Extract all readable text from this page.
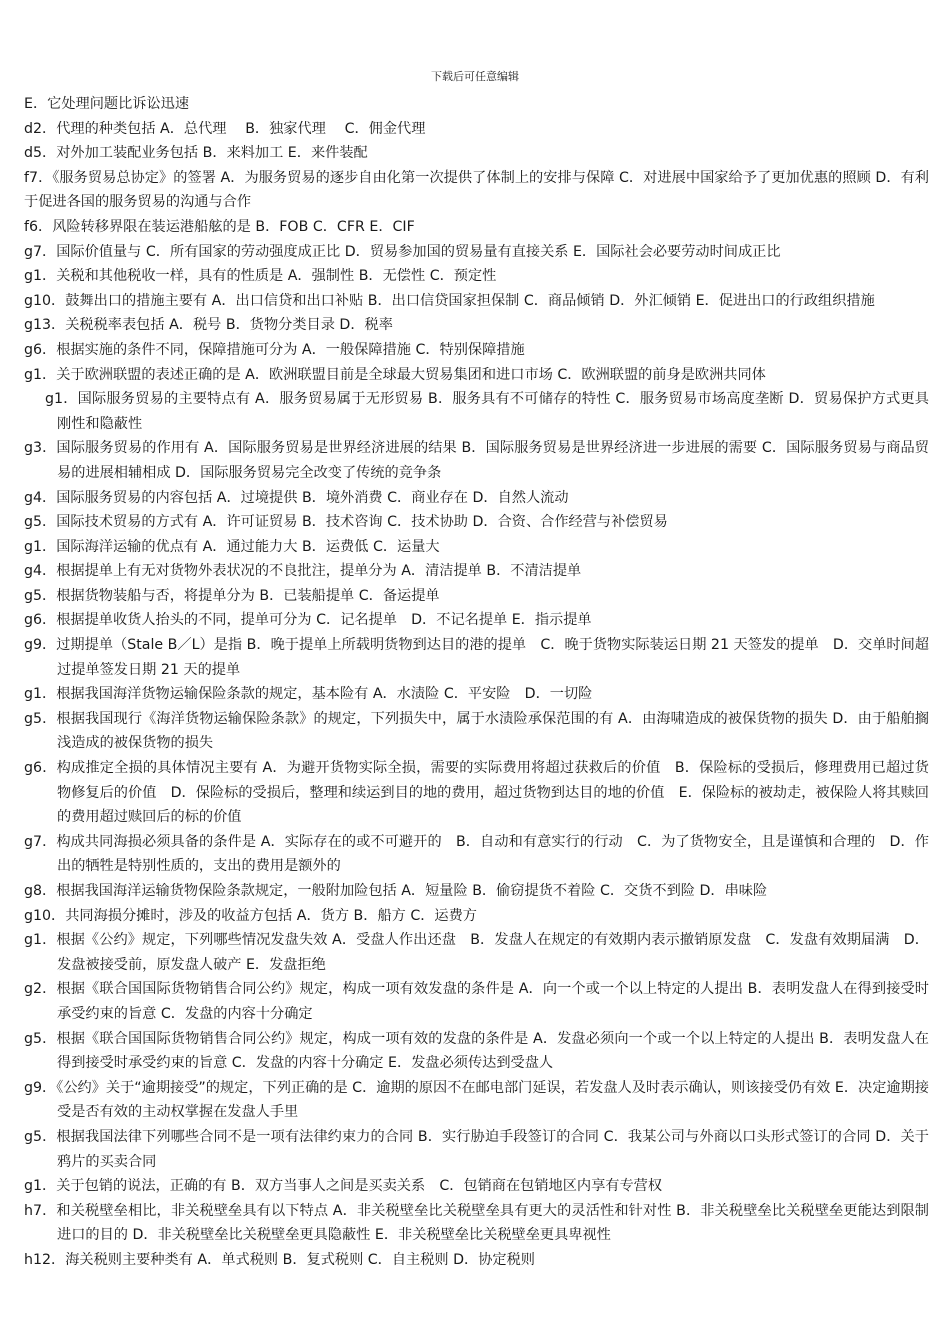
下载后可任意编辑

E．它处理问题比诉讼迅速

d2．代理的种类包括 A．总代理　 B．独家代理　 C．佣金代理

d5．对外加工装配业务包括 B．来料加工 E．来件装配

f7．《服务贸易总协定》的签署 A．为服务贸易的逐步自由化第一次提供了体制上的安排与保障 C．对进展中国家给予了更加优惠的照顾 D．有利于促进各国的服务贸易的沟通与合作

f6．风险转移界限在装运港船舷的是 B．FOB C．CFR E．CIF

g7．国际价值量与 C．所有国家的劳动强度成正比 D．贸易参加国的贸易量有直接关系 E．国际社会必要劳动时间成正比

g1．关税和其他税收一样，具有的性质是 A．强制性 B．无偿性 C．预定性

g10．鼓舞出口的措施主要有 A．出口信贷和出口补贴 B．出口信贷国家担保制 C．商品倾销 D．外汇倾销 E．促进出口的行政组织措施

g13．关税税率表包括 A．税号 B．货物分类目录 D．税率

g6．根据实施的条件不同，保障措施可分为 A．一般保障措施 C．特别保障措施

g1．关于欧洲联盟的表述正确的是 A．欧洲联盟目前是全球最大贸易集团和进口市场 C．欧洲联盟的前身是欧洲共同体

g1．国际服务贸易的主要特点有 A．服务贸易属于无形贸易 B．服务具有不可储存的特性 C．服务贸易市场高度垄断 D．贸易保护方式更具刚性和隐蔽性

g3．国际服务贸易的作用有 A．国际服务贸易是世界经济进展的结果 B．国际服务贸易是世界经济进一步进展的需要 C．国际服务贸易与商品贸易的进展相辅相成 D．国际服务贸易完全改变了传统的竞争条

g4．国际服务贸易的内容包括 A．过境提供 B．境外消费 C．商业存在 D．自然人流动

g5．国际技术贸易的方式有 A．许可证贸易 B．技术咨询 C．技术协助 D．合资、合作经营与补偿贸易

g1．国际海洋运输的优点有 A．通过能力大 B．运费低 C．运量大

g4．根据提单上有无对货物外表状况的不良批注，提单分为 A．清洁提单 B．不清洁提单

g5．根据货物装船与否，将提单分为 B．已装船提单 C．备运提单

g6．根据提单收货人抬头的不同，提单可分为 C．记名提单　D．不记名提单 E．指示提单

g9．过期提单（Stale B／L）是指 B．晚于提单上所载明货物到达目的港的提单　C．晚于货物实际装运日期 21 天签发的提单　D．交单时间超过提单签发日期 21 天的提单

g1．根据我国海洋货物运输保险条款的规定，基本险有 A．水渍险 C．平安险　D．一切险

g5．根据我国现行《海洋货物运输保险条款》的规定，下列损失中，属于水渍险承保范围的有 A．由海啸造成的被保货物的损失 D．由于船舶搁浅造成的被保货物的损失

g6．构成推定全损的具体情况主要有 A．为避开货物实际全损，需要的实际费用将超过获救后的价值　B．保险标的受损后，修理费用已超过货物修复后的价值　D．保险标的受损后，整理和续运到目的地的费用，超过货物到达目的地的价值　E．保险标的被劫走，被保险人将其赎回的费用超过赎回后的标的价值

g7．构成共同海损必须具备的条件是 A．实际存在的或不可避开的　B．自动和有意实行的行动　C．为了货物安全，且是谨慎和合理的　D．作出的牺牲是特别性质的，支出的费用是额外的

g8．根据我国海洋运输货物保险条款规定，一般附加险包括 A．短量险 B．偷窃提货不着险 C．交货不到险 D．串味险

g10．共同海损分摊时，涉及的收益方包括 A．货方 B．船方 C．运费方

g1．根据《公约》规定，下列哪些情况发盘失效 A．受盘人作出还盘　B．发盘人在规定的有效期内表示撤销原发盘　C．发盘有效期届满　D．发盘被接受前，原发盘人破产 E．发盘拒绝

g2．根据《联合国国际货物销售合同公约》规定，构成一项有效发盘的条件是 A．向一个或一个以上特定的人提出 B．表明发盘人在得到接受时承受约束的旨意 C．发盘的内容十分确定

g5．根据《联合国国际货物销售合同公约》规定，构成一项有效的发盘的条件是 A．发盘必须向一个或一个以上特定的人提出 B．表明发盘人在得到接受时承受约束的旨意 C．发盘的内容十分确定 E．发盘必须传达到受盘人

g9．《公约》关于“逾期接受”的规定，下列正确的是 C．逾期的原因不在邮电部门延误，若发盘人及时表示确认，则该接受仍有效 E．决定逾期接受是否有效的主动权掌握在发盘人手里

g5．根据我国法律下列哪些合同不是一项有法律约束力的合同 B．实行胁迫手段签订的合同 C．我某公司与外商以口头形式签订的合同 D．关于鸦片的买卖合同

g1．关于包销的说法，正确的有 B．双方当事人之间是买卖关系　C．包销商在包销地区内享有专营权

h7．和关税壁垒相比，非关税壁垒具有以下特点 A．非关税壁垒比关税壁垒具有更大的灵活性和针对性 B．非关税壁垒比关税壁垒更能达到限制进口的目的 D．非关税壁垒比关税壁垒更具隐蔽性 E．非关税壁垒比关税壁垒更具卑视性

h12．海关税则主要种类有 A．单式税则 B．复式税则 C．自主税则 D．协定税则
